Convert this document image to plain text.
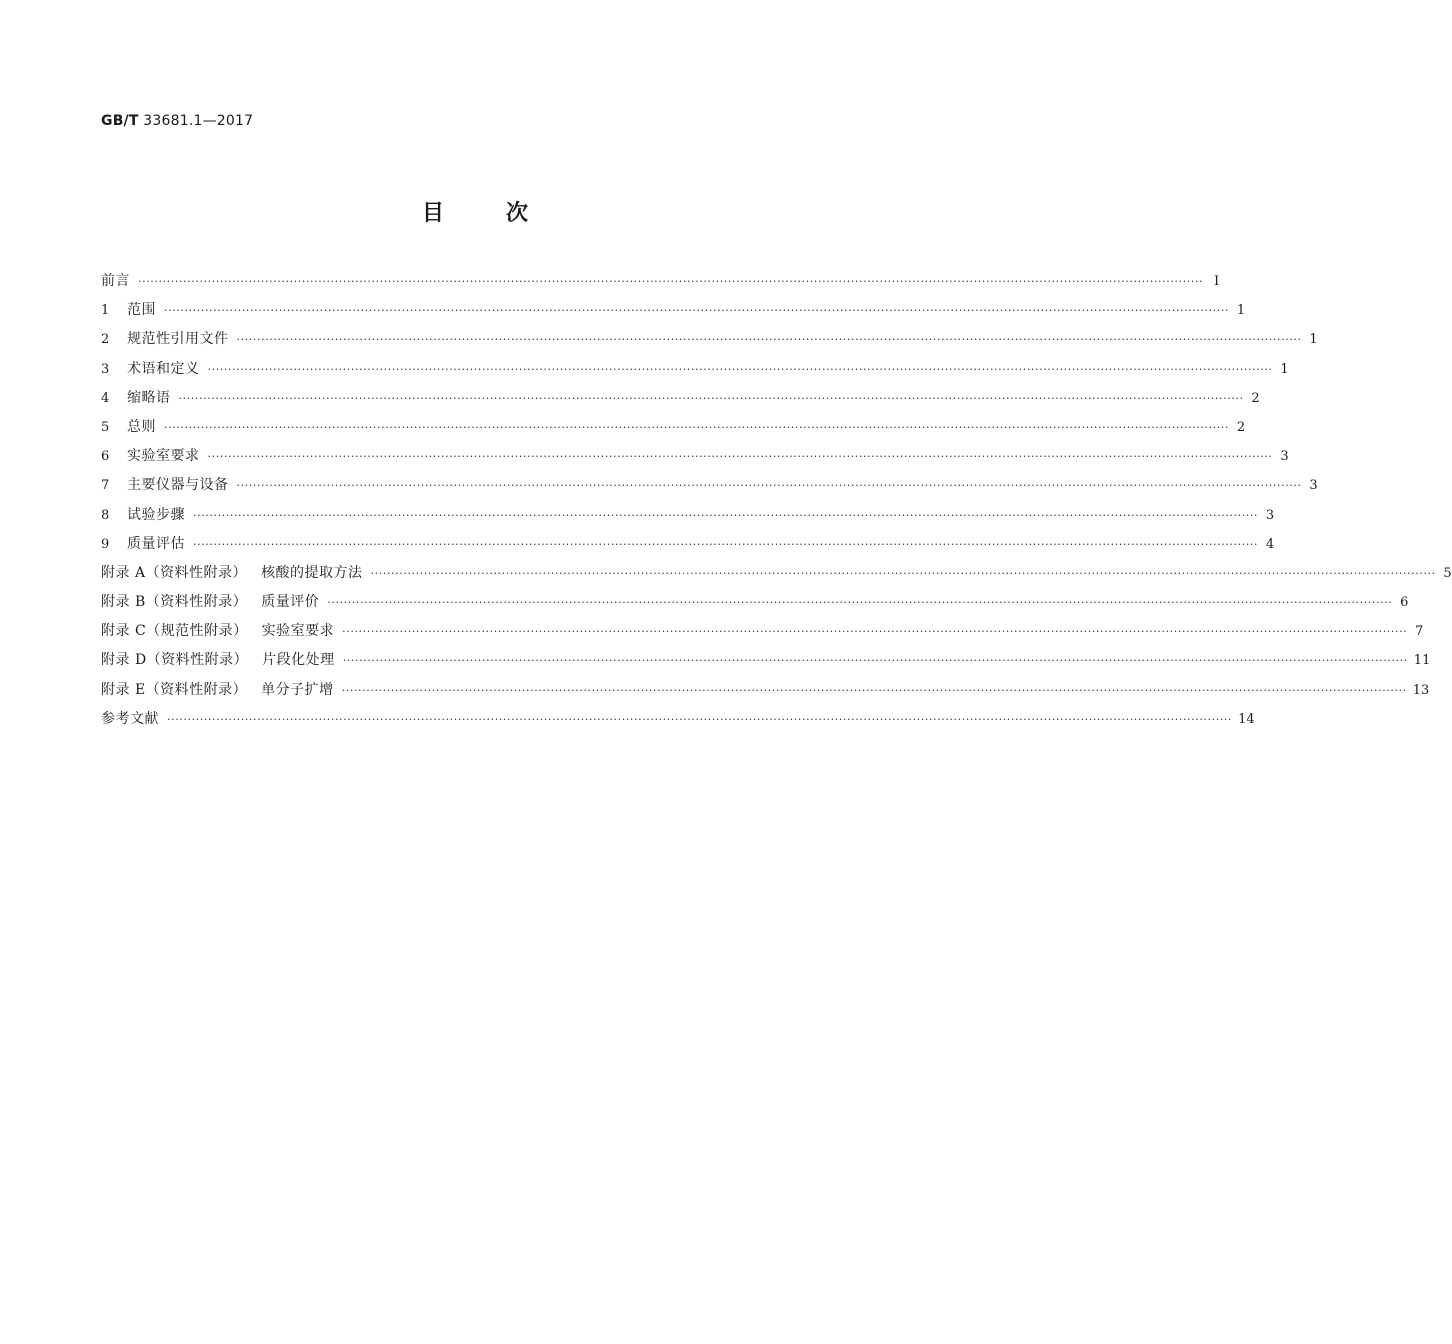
GB/T 33681.1—2017
目	次
前言 ···································································································································································································································································· I
1	范围 ···································································································································································································································································· 1
2	规范性引用文件 ···································································································································································································································································· 1
3	术语和定义 ···································································································································································································································································· 1
4	缩略语 ···································································································································································································································································· 2
5	总则 ···································································································································································································································································· 2
6	实验室要求 ···································································································································································································································································· 3
7	主要仪器与设备 ···································································································································································································································································· 3
8	试验步骤 ···································································································································································································································································· 3
9	质量评估 ···································································································································································································································································· 4
附录 A（资料性附录） 核酸的提取方法 ···································································································································································································································································· 5
附录 B（资料性附录） 质量评价 ···································································································································································································································································· 6
附录 C（规范性附录） 实验室要求 ···································································································································································································································································· 7
附录 D（资料性附录） 片段化处理 ···································································································································································································································································· 11
附录 E（资料性附录） 单分子扩增 ···································································································································································································································································· 13
参考文献 ···································································································································································································································································· 14
